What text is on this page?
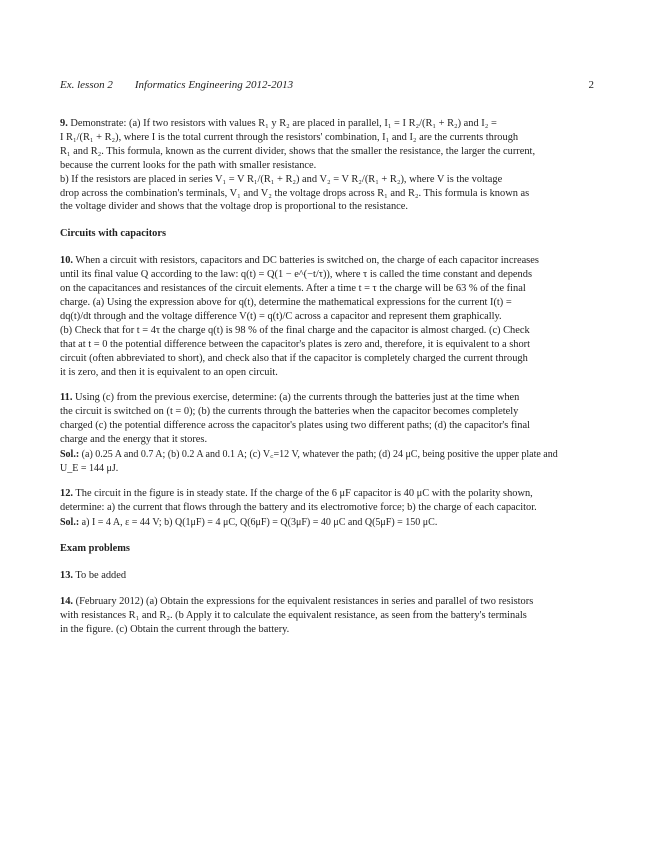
Ex. lesson 2 Informatics Engineering 2012-2013	2

9. Demonstrate: (a) If two resistors with values R₁ y R₂ are placed in parallel, I₁ = I R₂/(R₁ + R₂) and I₂ =

I R₁/(R₁ + R₂), where I is the total current through the resistors' combination, I₁ and I₂ are the currents through

R₁ and R₂. This formula, known as the current divider, shows that the smaller the resistance, the larger the current,

because the current looks for the path with smaller resistance.

b) If the resistors are placed in series V₁ = V R₁/(R₁ + R₂) and V₂ = V R₂/(R₁ + R₂), where V is the voltage

drop across the combination's terminals, V₁ and V₂ the voltage drops across R₁ and R₂. This formula is known as

the voltage divider and shows that the voltage drop is proportional to the resistance.

Circuits with capacitors

10. When a circuit with resistors, capacitors and DC batteries is switched on, the charge of each capacitor increases

until its final value Q according to the law: q(t) = Q(1 − e^(−t/τ)), where τ is called the time constant and depends

on the capacitances and resistances of the circuit elements. After a time t = τ the charge will be 63 % of the final

charge. (a) Using the expression above for q(t), determine the mathematical expressions for the current I(t) =

dq(t)/dt through and the voltage difference V(t) = q(t)/C across a capacitor and represent them graphically.

(b) Check that for t = 4τ the charge q(t) is 98 % of the final charge and the capacitor is almost charged. (c) Check

that at t = 0 the potential difference between the capacitor's plates is zero and, therefore, it is equivalent to a short

circuit (often abbreviated to short), and check also that if the capacitor is completely charged the current through

it is zero, and then it is equivalent to an open circuit.

11. Using (c) from the previous exercise, determine: (a) the currents through the batteries just at the time when

the circuit is switched on (t = 0); (b) the currents through the batteries when the capacitor becomes completely

charged (c) the potential difference across the capacitor's plates using two different paths; (d) the capacitor's final

charge and the energy that it stores.

Sol.: (a) 0.25 A and 0.7 A; (b) 0.2 A and 0.1 A; (c) V꜀=12 V, whatever the path; (d) 24 μC, being positive the upper plate and

U_E = 144 μJ.

12. The circuit in the figure is in steady state. If the charge of the 6 μF capacitor is 40 μC with the polarity shown,

determine: a) the current that flows through the battery and its electromotive force; b) the charge of each capacitor.

Sol.: a) I = 4 A, ε = 44 V; b) Q(1μF) = 4 μC, Q(6μF) = Q(3μF) = 40 μC and Q(5μF) = 150 μC.

Exam problems

13. To be added

14. (February 2012) (a) Obtain the expressions for the equivalent resistances in series and parallel of two resistors

with resistances R₁ and R₂. (b Apply it to calculate the equivalent resistance, as seen from the battery's terminals

in the figure. (c) Obtain the current through the battery.
